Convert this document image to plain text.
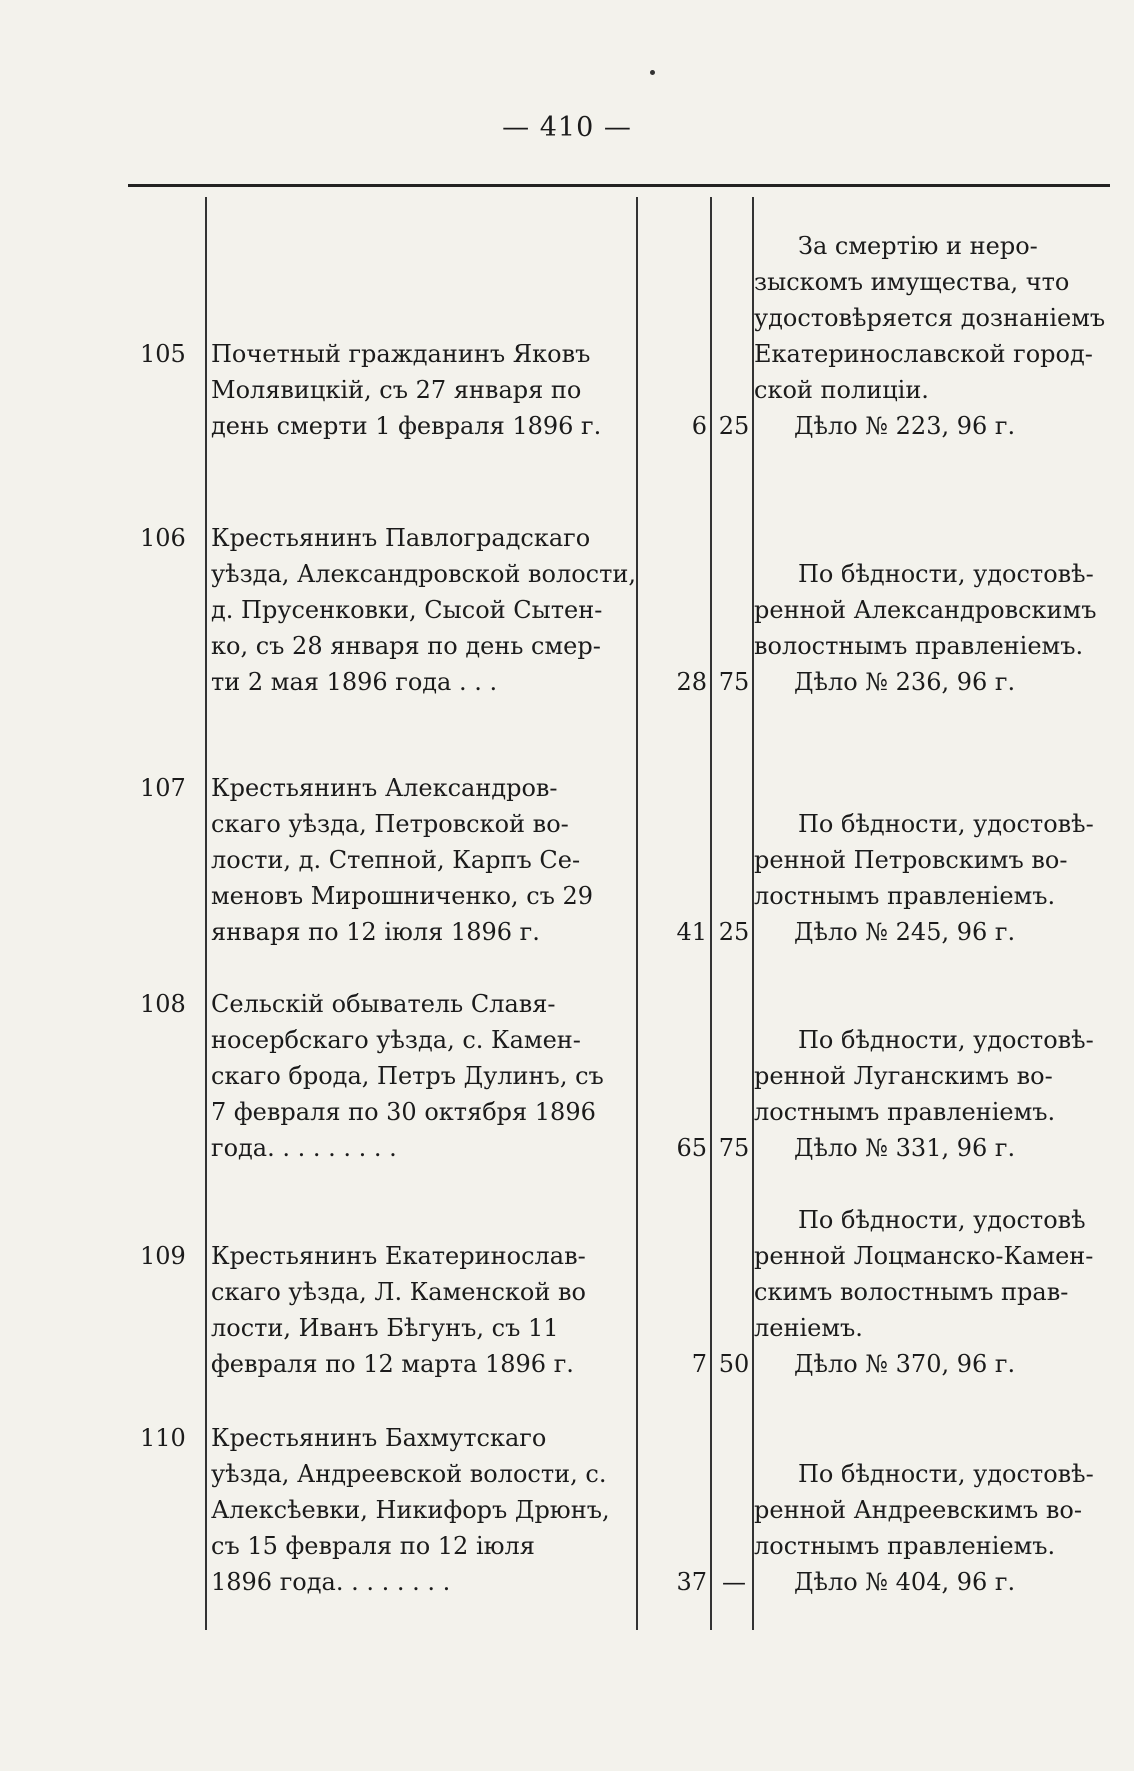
— 410 —
105 Почетный гражданинъ Яковъ
Молявицкій, съ 27 января по
день смерти 1 февраля 1896 г.	6 25
За смертію и неро-
зыскомъ имущества, что
удостовѣряется дознаніемъ
Екатеринославской город-
ской полиціи.
Дѣло № 223, 96 г.
106 Крестьянинъ Павлоградскаго
уѣзда, Александровской волости,
д. Прусенковки, Сысой Сытен-
ко, съ 28 января по день смер-
ти 2 мая 1896 года . . .	28 75
По бѣдности, удостовѣ-
ренной Александровскимъ
волостнымъ правленіемъ.
Дѣло № 236, 96 г.
107 Крестьянинъ Александров-
скаго уѣзда, Петровской во-
лости, д. Степной, Карпъ Се-
меновъ Мирошниченко, съ 29
января по 12 іюля 1896 г.	41 25
По бѣдности, удостовѣ-
ренной Петровскимъ во-
лостнымъ правленіемъ.
Дѣло № 245, 96 г.
108 Сельскій обыватель Славя-
носербскаго уѣзда, с. Камен-
скаго брода, Петръ Дулинъ, съ
7 февраля по 30 октября 1896
года. . . . . . . . .	65 75
По бѣдности, удостовѣ-
ренной Луганскимъ во-
лостнымъ правленіемъ.
Дѣло № 331, 96 г.
109 Крестьянинъ Екатеринослав-
скаго уѣзда, Л. Каменской во
лости, Иванъ Бѣгунъ, съ 11
февраля по 12 марта 1896 г.	7 50
По бѣдности, удостовѣ
ренной Лоцманско-Камен-
скимъ волостнымъ прав-
леніемъ.
Дѣло № 370, 96 г.
110 Крестьянинъ Бахмутскаго
уѣзда, Андреевской волости, с.
Алексѣевки, Никифоръ Дрюнъ,
съ 15 февраля по 12 іюля
1896 года. . . . . . . .	37 —
По бѣдности, удостовѣ-
ренной Андреевскимъ во-
лостнымъ правленіемъ.
Дѣло № 404, 96 г.
